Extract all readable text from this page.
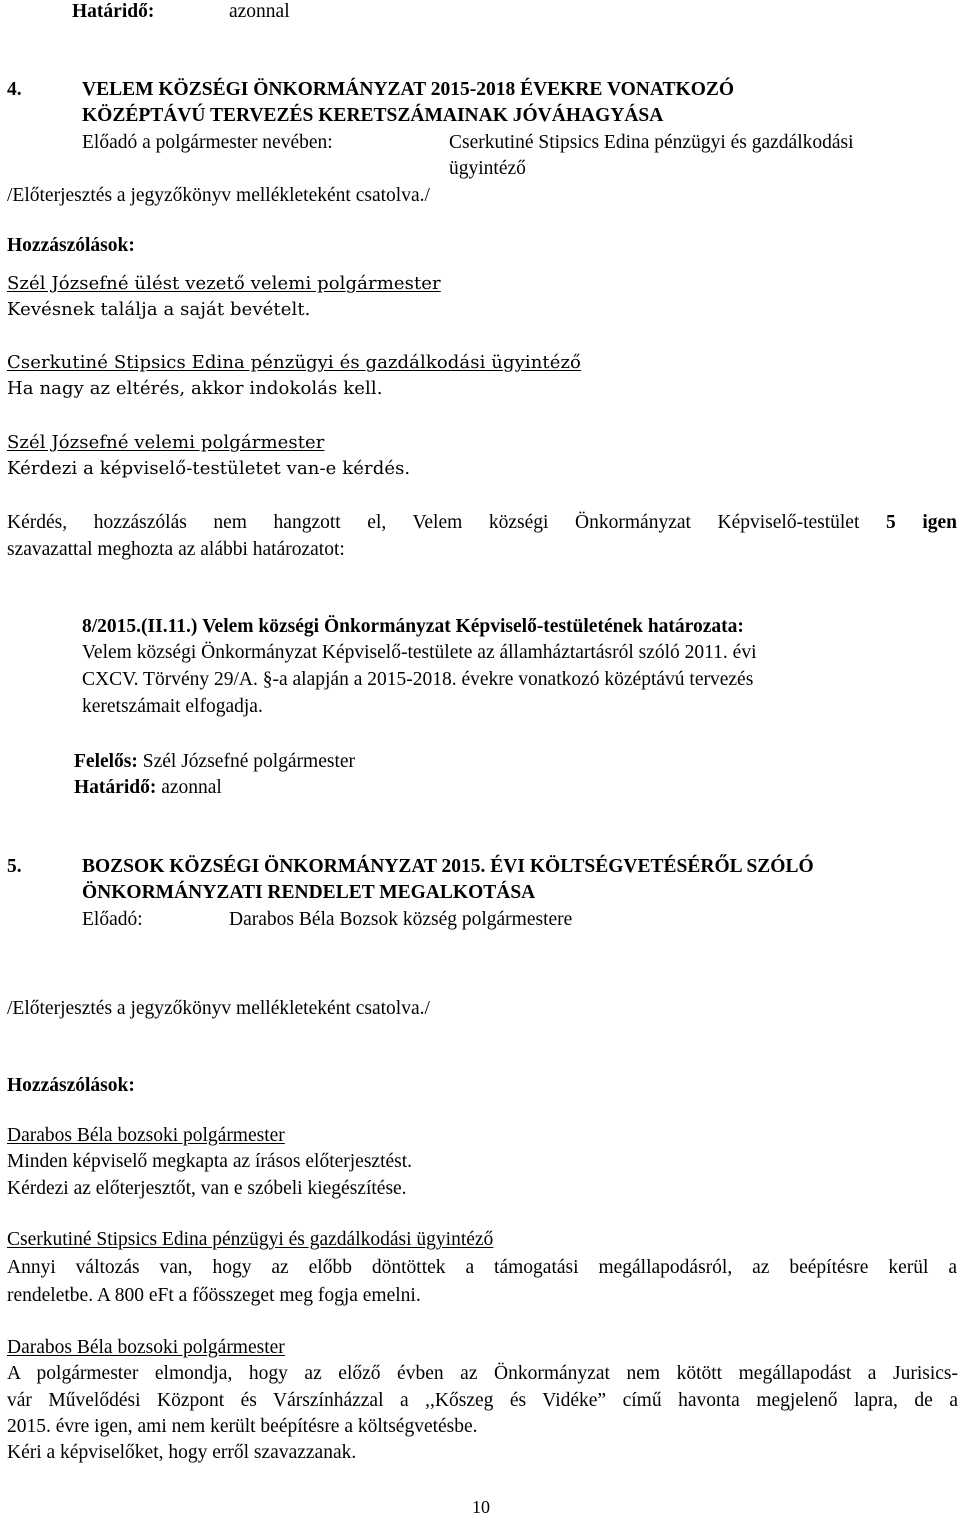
Határidő:	azonnal
4.	VELEM KÖZSÉGI ÖNKORMÁNYZAT 2015-2018 ÉVEKRE VONATKOZÓ
KÖZÉPTÁVÚ TERVEZÉS KERETSZÁMAINAK JÓVÁHAGYÁSA
Előadó a polgármester nevében:	Cserkutiné Stipsics Edina pénzügyi és gazdálkodási
ügyintéző
/Előterjesztés a jegyzőkönyv mellékleteként csatolva./
Hozzászólások:
Szél Józsefné ülést vezető velemi polgármester
Kevésnek találja a saját bevételt.
Cserkutiné Stipsics Edina pénzügyi és gazdálkodási ügyintéző
Ha nagy az eltérés, akkor indokolás kell.
Szél Józsefné velemi polgármester
Kérdezi a képviselő-testületet van-e kérdés.
Kérdés, hozzászólás nem hangzott el, Velem községi Önkormányzat Képviselő-testület 5 igen
szavazattal meghozta az alábbi határozatot:
8/2015.(II.11.) Velem községi Önkormányzat Képviselő-testületének határozata:
Velem községi Önkormányzat Képviselő-testülete az államháztartásról szóló 2011. évi
CXCV. Törvény 29/A. §-a alapján a 2015-2018. évekre vonatkozó középtávú tervezés
keretszámait elfogadja.
Felelős: Szél Józsefné polgármester
Határidő: azonnal
5.	BOZSOK KÖZSÉGI ÖNKORMÁNYZAT 2015. ÉVI KÖLTSÉGVETÉSÉRŐL SZÓLÓ
ÖNKORMÁNYZATI RENDELET MEGALKOTÁSA
Előadó:	Darabos Béla Bozsok község polgármestere
/Előterjesztés a jegyzőkönyv mellékleteként csatolva./
Hozzászólások:
Darabos Béla bozsoki polgármester
Minden képviselő megkapta az írásos előterjesztést.
Kérdezi az előterjesztőt, van e szóbeli kiegészítése.
Cserkutiné Stipsics Edina pénzügyi és gazdálkodási ügyintéző
Annyi változás van, hogy az előbb döntöttek a támogatási megállapodásról, az beépítésre kerül a
rendeletbe. A 800 eFt a főösszeget meg fogja emelni.
Darabos Béla bozsoki polgármester
A polgármester elmondja, hogy az előző évben az Önkormányzat nem kötött megállapodást a Jurisics-
vár Művelődési Központ és Várszínházzal a ,,Kőszeg és Vidéke” című havonta megjelenő lapra, de a
2015. évre igen, ami nem került beépítésre a költségvetésbe.
Kéri a képviselőket, hogy erről szavazzanak.
10
